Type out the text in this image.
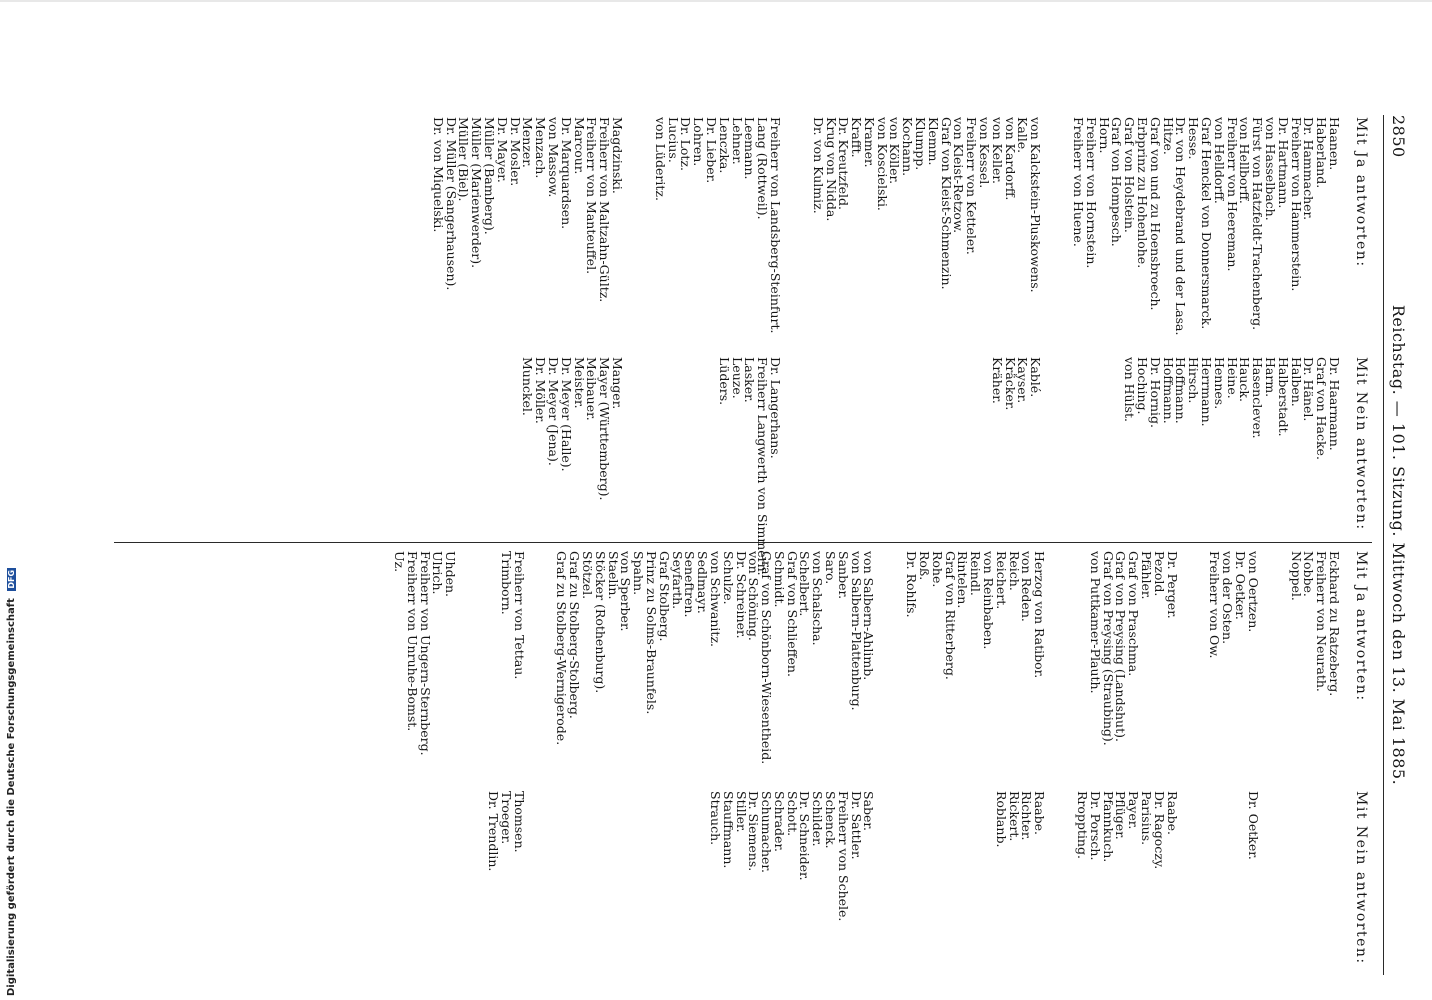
2850
Reichstag. — 101. Sitzung. Mittwoch den 13. Mai 1885.
Mit Ja antworten:
Haanen.
Haberland.
Dr. Hammacher.
Freiherr von Hammerstein.
Dr. Hartmann.
von Hasselbach.
Fürst von Hatzfeldt-Trachenberg.
von Hellborff.
Freiherr von Heereman.
von Helldorff.
Graf Henckel von Donnersmarck.
Hesse.
Dr. von Heydebrand und der Lasa.
Hitze.
Graf von und zu Hoensbroech.
Erbprinz zu Hohenlohe.
Graf von Holstein.
Graf von Hompesch.
Horn.
Freiherr von Hornstein.
Freiherr von Huene.
von Kalckstein-Pluskowens.
Kalle.
von Kardorff.
von Keller.
von Kessel.
Freiherr von Ketteler.
von Kleist-Retzow.
Graf von Kleist-Schmenzin.
Klemm.
Klumpp.
Kochann.
von Köller.
von Koscielski.
Kramer.
Krafft.
Dr. Kreutzfeld.
Krug von Nidda.
Dr. von Kulmiz.
Freiherr von Landsberg-Steinfurt.
Lang (Rottweil).
Leemann.
Lehner.
Lenczka.
Dr. Lieber.
Lohren.
Dr. Lotz.
Lucius.
von Lüderitz.
Magdzinski.
Freiherr von Maltzahn-Gültz.
Freiherr von Manteuffel.
Marcour.
Dr. Marquardsen.
von Massow.
Menzach.
Menzer.
Dr. Mosler.
Dr. Mayer.
Müller (Bamberg).
Müller (Marienwerder).
Müller (Biel).
Dr. Müller (Sangerhausen).
Dr. von Miquelski.
Mit Nein antworten:
Dr. Haarmann.
Graf von Hacke.
Dr. Hänel.
Halben.
Halberstadt.
Harm.
Hasenclever.
Hauck.
Heine.
Hennes.
Herrmann.
Hirsch.
Hoffmann.
Hoffmann.
Dr. Hornig.
Hoching.
von Hülst.
Kablé.
Kayser.
Kräcker.
Kräher.
Dr. Langerhans.
Freiherr Langwerth von Simmern.
Lasker.
Leuze.
Lüders.
Manger.
Mayer (Württemberg).
Meibauer.
Meister.
Dr. Meyer (Halle).
Dr. Meyer (Jena).
Dr. Möller.
Munckel.
Mit Ja antworten:
Eckhard zu Ratzeberg.
Freiherr von Neurath.
Nobbe.
Noppel.
von Oertzen.
Dr. Oetker.
von der Osten.
Freiherr von Ow.
Dr. Perger.
Pezold.
Pfähler.
Graf von Praschma.
Graf von Preysing (Landshut).
Graf von Preysing (Straubing).
von Puttkamer-Plauth.
Herzog von Ratibor.
von Reden.
Reich.
Reichert.
von Reinbaben.
Reindl.
Rintelen.
Graf von Ritterberg.
Rohe.
Roß.
Dr. Rohlfs.
von Salbern-Ahlimb.
von Salbern-Plattenburg.
Sanber.
Saro.
von Schalscha.
Schelbert.
Graf von Schlieffen.
Schmidt.
Graf von Schönborn-Wiesentheid.
von Schöning.
Dr. Schreiner.
Schulze.
von Schwanitz.
Sedlmayr.
Seneftren.
Seyfarth.
Graf Stolberg.
Prinz zu Solms-Braunfels.
Spahn.
von Sperber.
Staelin.
Stöcker (Rothenburg).
Stötzel.
Graf zu Stolberg-Stolberg.
Graf zu Stolberg-Wernigerode.
Freiherr von Tettau.
Trimborn.
Uhden.
Ulrich.
Freiherr von Ungern-Sternberg.
Freiherr von Unruhe-Bomst.
Uz.
Mit Nein antworten:
Dr. Oetker.
Raabe.
Dr. Ragoczy.
Parisius.
Payer.
Pflüger.
Pfannkuch.
Dr. Porsch.
Rroppting.
Raabe.
Richter.
Rickert.
Roblanb.
Saber.
Dr. Sattler.
Freiherr von Schele.
Schenck.
Schilder.
Dr. Schneider.
Schott.
Schrader.
Schumacher.
Dr. Siemens.
Stiller.
Stauffmann.
Strauch.
Thomsen.
Troeger.
Dr. Trendlin.
Digitalisierung gefördert durch die Deutsche Forschungsgemeinschaft DFG
